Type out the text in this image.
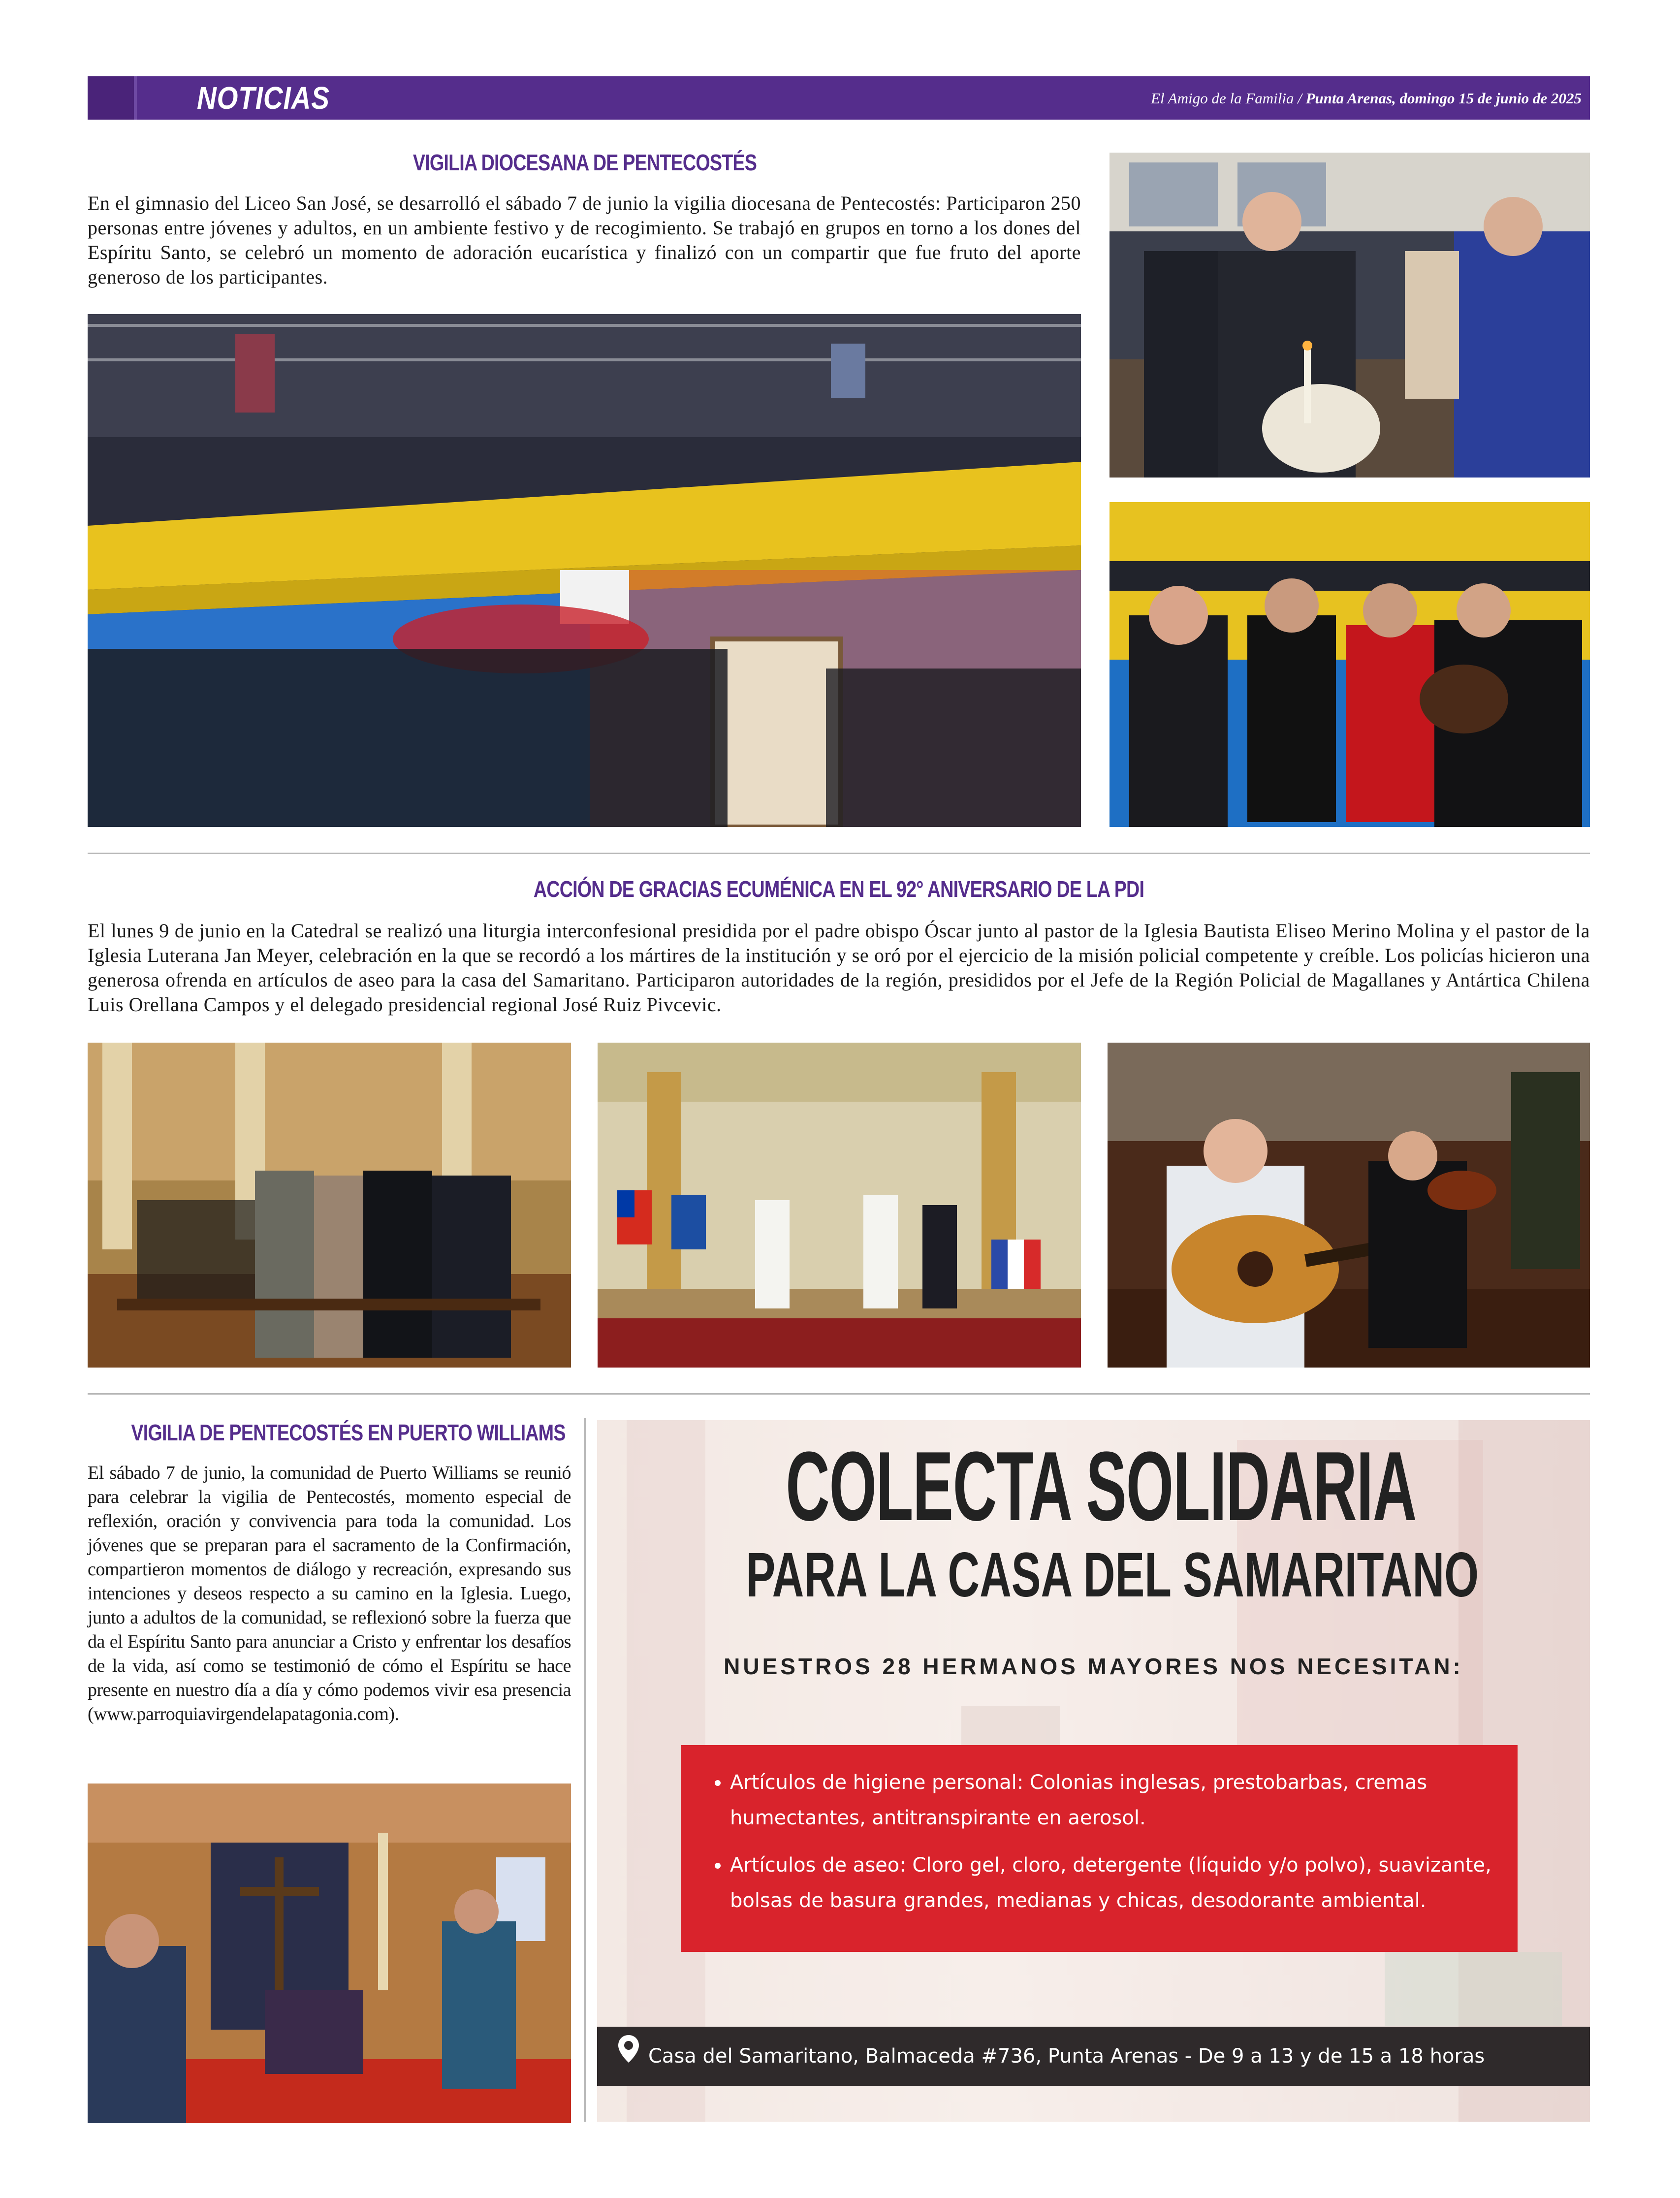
NOTICIAS	El Amigo de la Familia / Punta Arenas, domingo 15 de junio de 2025
VIGILIA DIOCESANA DE PENTECOSTÉS
En el gimnasio del Liceo San José, se desarrolló el sábado 7 de junio la vigilia diocesana de Pentecostés: Participaron 250 personas entre jóvenes y adultos, en un ambiente festivo y de recogimiento. Se trabajó en grupos en torno a los dones del Espíritu Santo, se celebró un momento de adoración eucarística y finalizó con un compartir que fue fruto del aporte generoso de los participantes.
ACCIÓN DE GRACIAS ECUMÉNICA EN EL 92° ANIVERSARIO DE LA PDI
El lunes 9 de junio en la Catedral se realizó una liturgia interconfesional presidida por el padre obispo Óscar junto al pastor de la Iglesia Bautista Eliseo Merino Molina y el pastor de la Iglesia Luterana Jan Meyer, celebración en la que se recordó a los mártires de la institución y se oró por el ejercicio de la misión policial competente y creíble. Los policías hicieron una generosa ofrenda en artículos de aseo para la casa del Samaritano. Participaron autoridades de la región, presididos por el Jefe de la Región Policial de Magallanes y Antártica Chilena Luis Orellana Campos y el delegado presidencial regional José Ruiz Pivcevic.
VIGILIA DE PENTECOSTÉS EN PUERTO WILLIAMS
El sábado 7 de junio, la comunidad de Puerto Williams se reunió para celebrar la vigilia de Pentecostés, momento especial de reflexión, oración y convivencia para toda la comunidad. Los jóvenes que se preparan para el sacramento de la Confirmación, compartieron momentos de diálogo y recreación, expresando sus intenciones y deseos respecto a su camino en la Iglesia. Luego, junto a adultos de la comunidad, se reflexionó sobre la fuerza que da el Espíritu Santo para anunciar a Cristo y enfrentar los desafíos de la vida, así como se testimonió de cómo el Espíritu se hace presente en nuestro día a día y cómo podemos vivir esa presencia (www.parroquiavirgendelapatagonia.com).
COLECTA SOLIDARIA
PARA LA CASA DEL SAMARITANO
NUESTROS 28 HERMANOS MAYORES NOS NECESITAN:
• Artículos de higiene personal: Colonias inglesas, prestobarbas, cremas humectantes, antitranspirante en aerosol.
• Artículos de aseo: Cloro gel, cloro, detergente (líquido y/o polvo), suavizante, bolsas de basura grandes, medianas y chicas, desodorante ambiental.
Casa del Samaritano, Balmaceda #736, Punta Arenas - De 9 a 13 y de 15 a 18 horas
